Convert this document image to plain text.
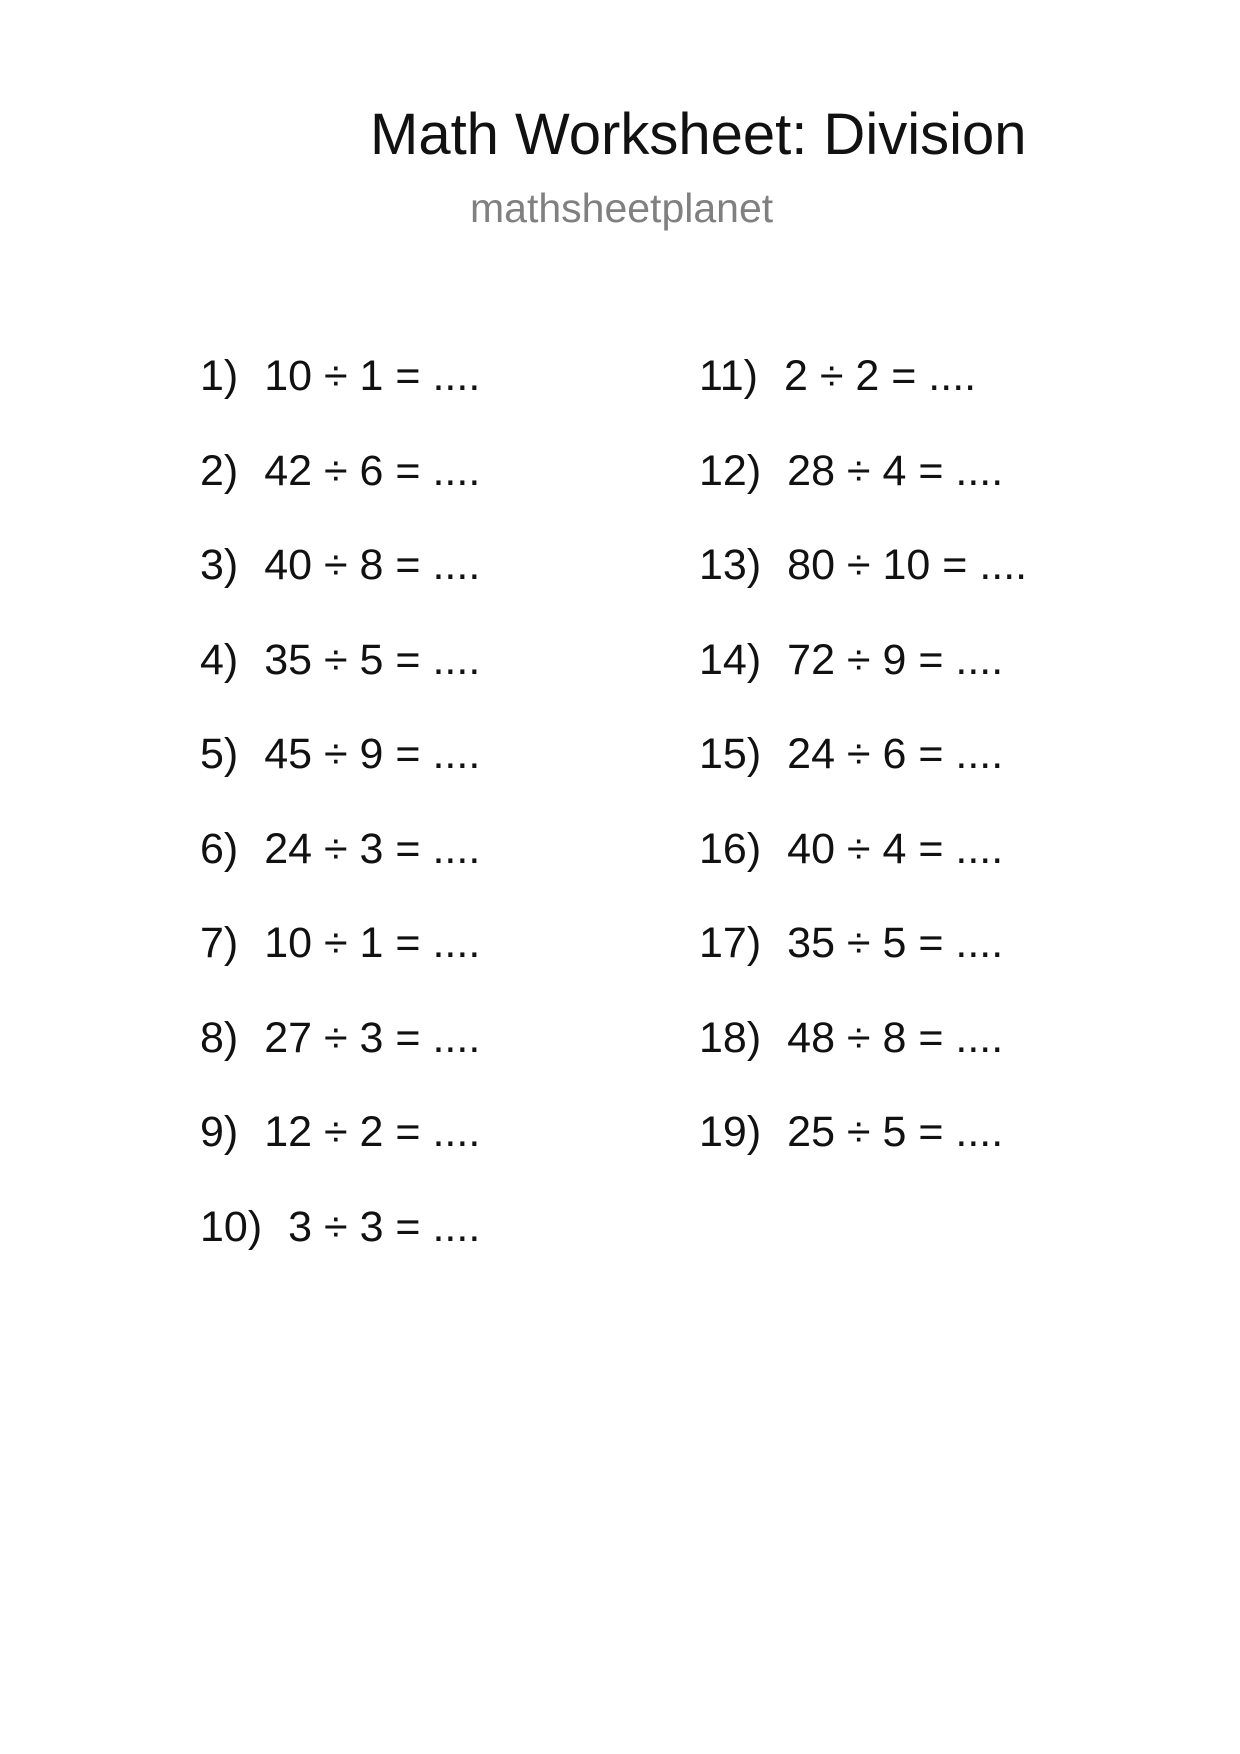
Math Worksheet: Division
mathsheetplanet
1) 10 ÷ 1 = ....
2) 42 ÷ 6 = ....
3) 40 ÷ 8 = ....
4) 35 ÷ 5 = ....
5) 45 ÷ 9 = ....
6) 24 ÷ 3 = ....
7) 10 ÷ 1 = ....
8) 27 ÷ 3 = ....
9) 12 ÷ 2 = ....
10) 3 ÷ 3 = ....
11) 2 ÷ 2 = ....
12) 28 ÷ 4 = ....
13) 80 ÷ 10 = ....
14) 72 ÷ 9 = ....
15) 24 ÷ 6 = ....
16) 40 ÷ 4 = ....
17) 35 ÷ 5 = ....
18) 48 ÷ 8 = ....
19) 25 ÷ 5 = ....
